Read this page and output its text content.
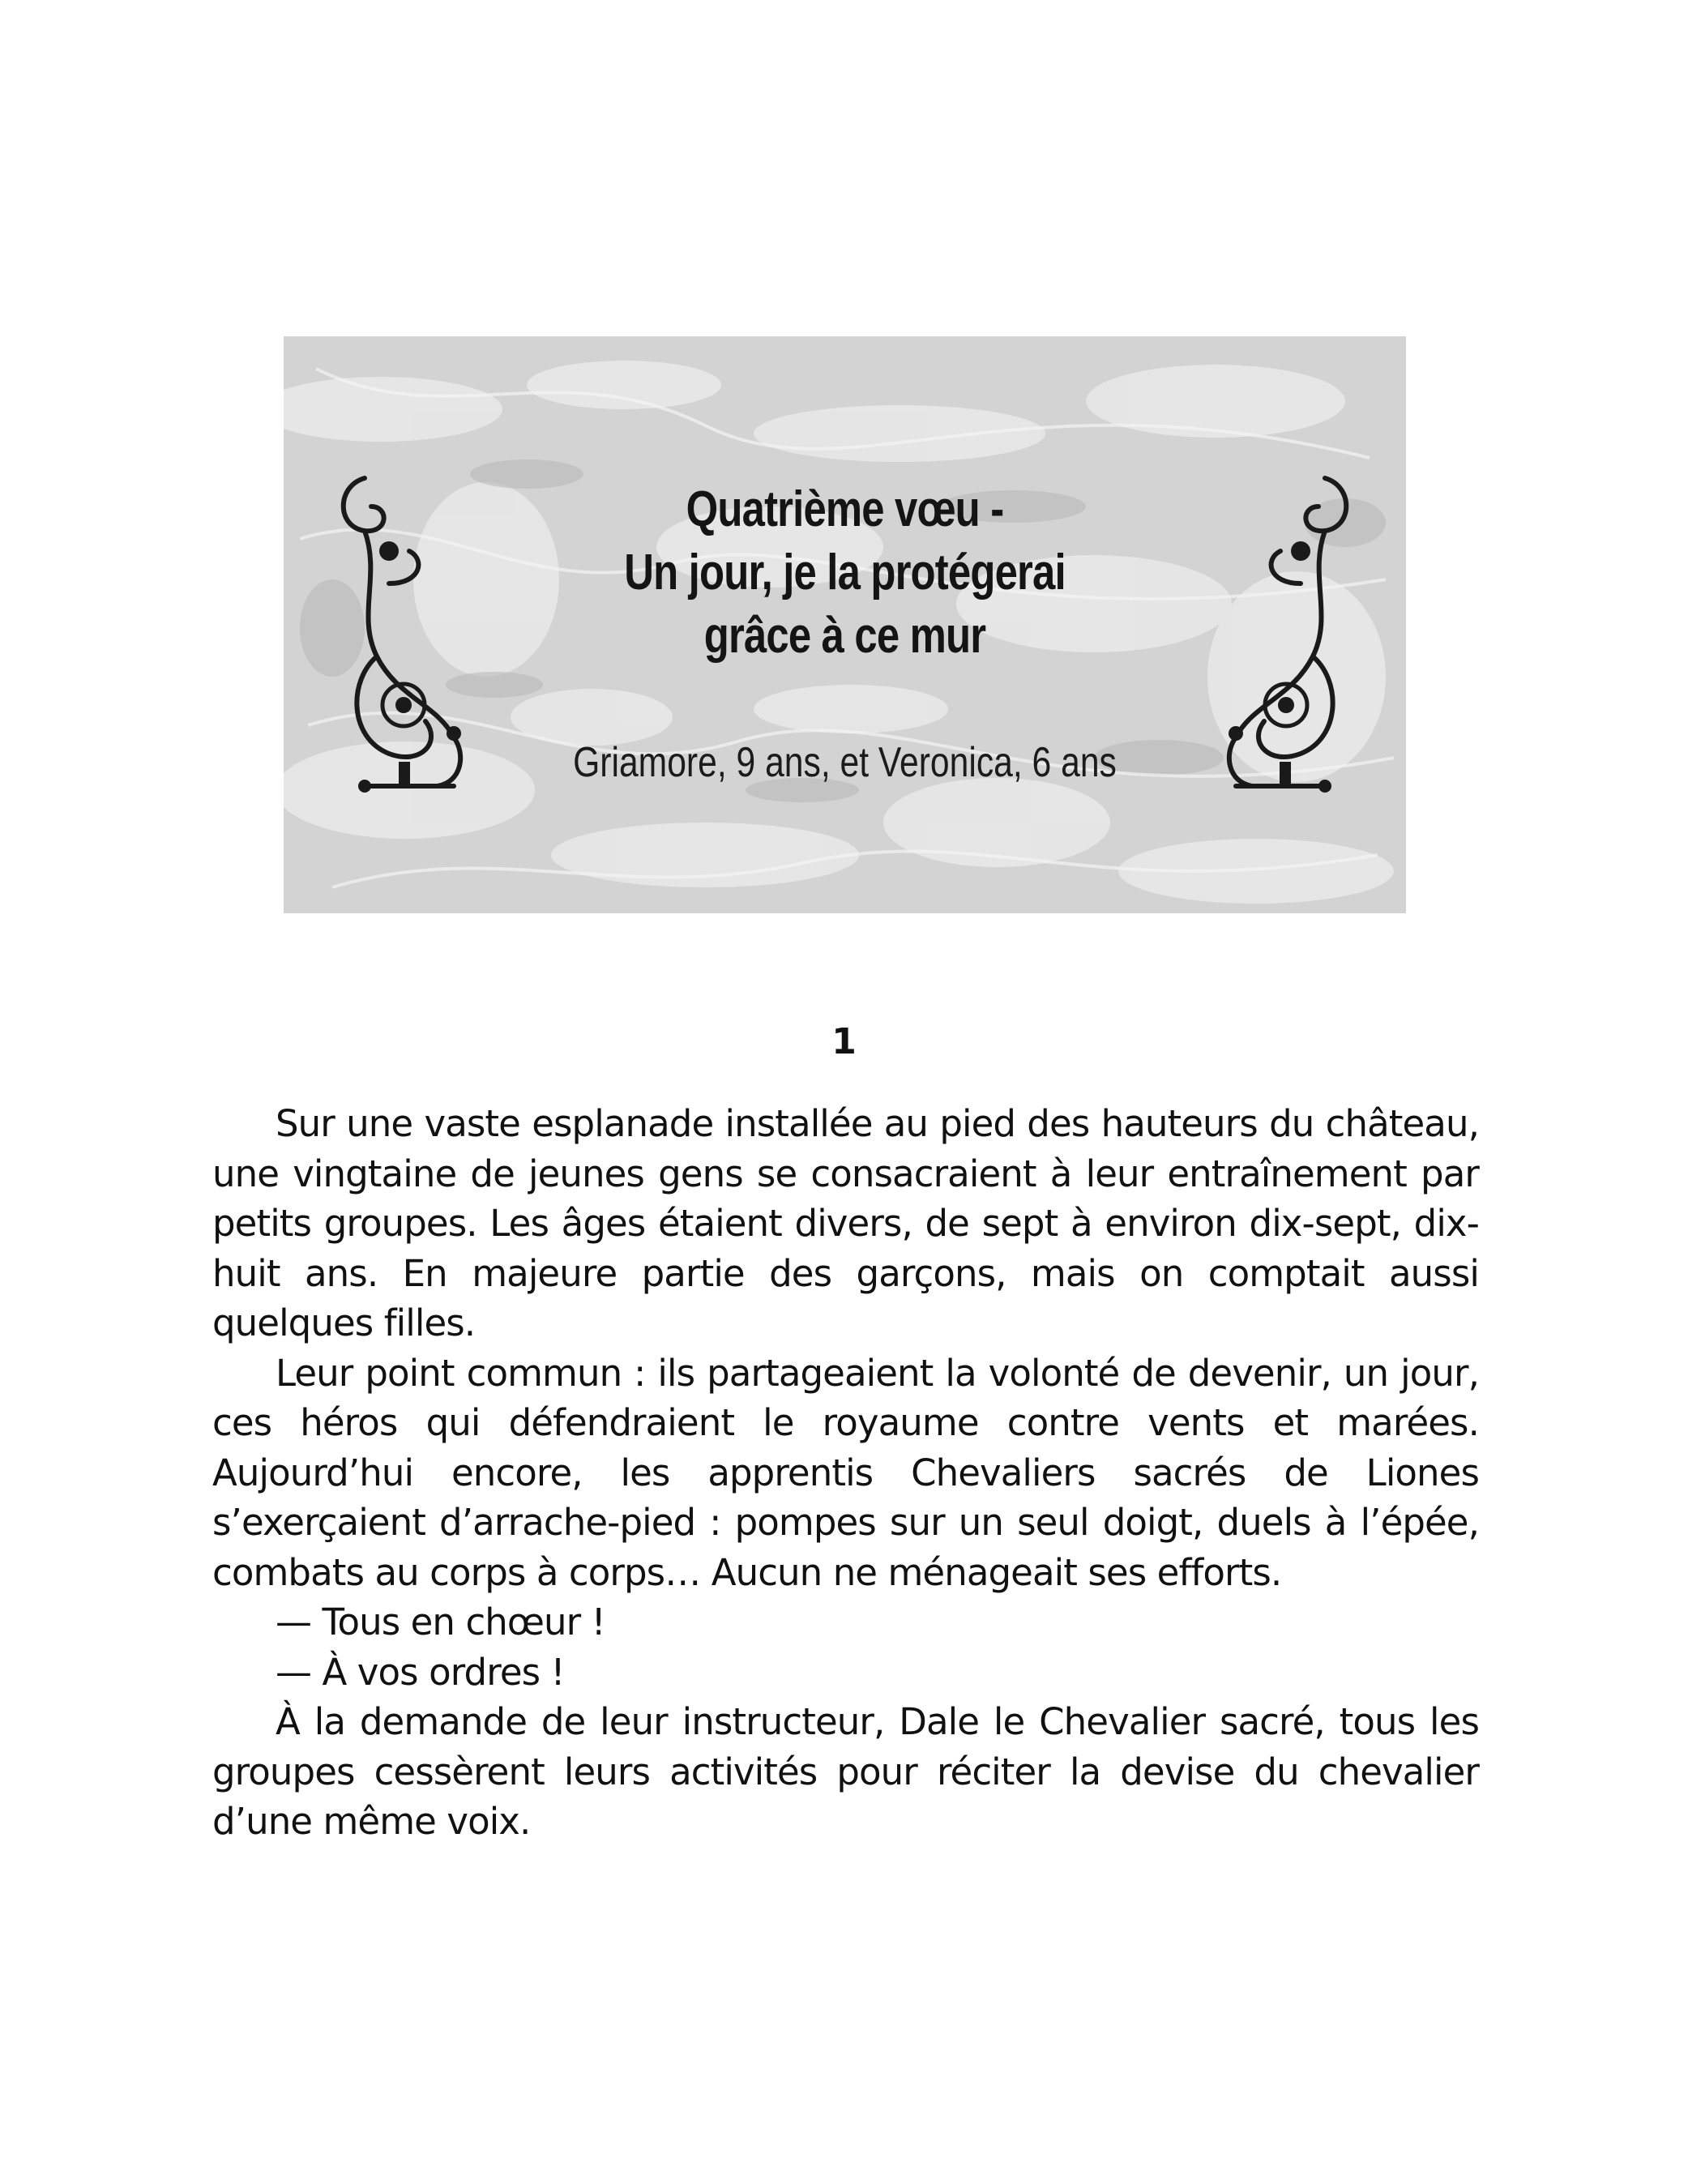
Quatrième vœu -
Un jour, je la protégerai
grâce à ce mur
Griamore, 9 ans, et Veronica, 6 ans
1

Sur une vaste esplanade installée au pied des hauteurs du château, une vingtaine de jeunes gens se consacraient à leur entraînement par petits groupes. Les âges étaient divers, de sept à environ dix-sept, dix-huit ans. En majeure partie des garçons, mais on comptait aussi quelques filles.

Leur point commun : ils partageaient la volonté de devenir, un jour, ces héros qui défendraient le royaume contre vents et marées. Aujourd’hui encore, les apprentis Chevaliers sacrés de Liones s’exerçaient d’arrache-pied : pompes sur un seul doigt, duels à l’épée, combats au corps à corps… Aucun ne ménageait ses efforts.

— Tous en chœur !

— À vos ordres !

À la demande de leur instructeur, Dale le Chevalier sacré, tous les groupes cessèrent leurs activités pour réciter la devise du chevalier d’une même voix.
